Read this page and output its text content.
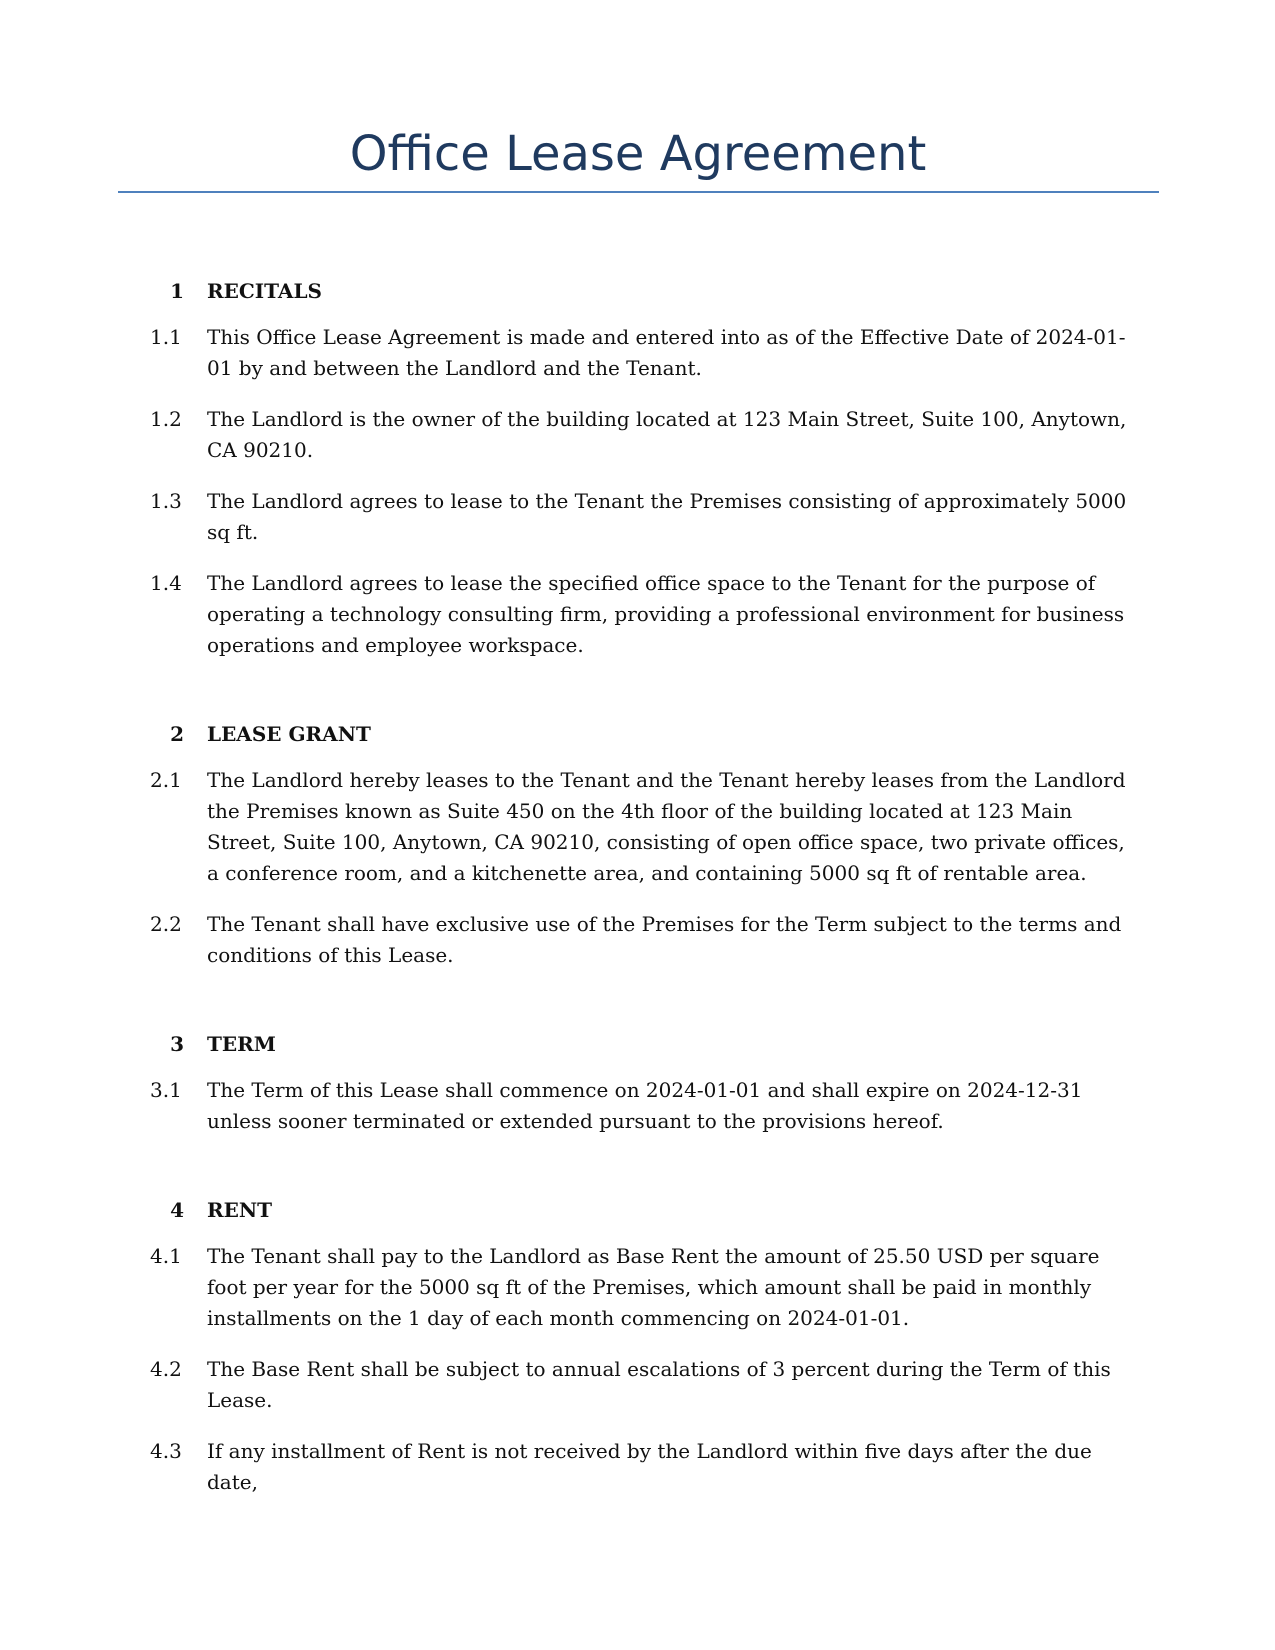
Office Lease Agreement
1 RECITALS
1.1 This Office Lease Agreement is made and entered into as of the Effective Date of 2024-01-01 by and between the Landlord and the Tenant.
1.2 The Landlord is the owner of the building located at 123 Main Street, Suite 100, Anytown, CA 90210.
1.3 The Landlord agrees to lease to the Tenant the Premises consisting of approximately 5000 sq ft.
1.4 The Landlord agrees to lease the specified office space to the Tenant for the purpose of operating a technology consulting firm, providing a professional environment for business operations and employee workspace.
2 LEASE GRANT
2.1 The Landlord hereby leases to the Tenant and the Tenant hereby leases from the Landlord the Premises known as Suite 450 on the 4th floor of the building located at 123 Main Street, Suite 100, Anytown, CA 90210, consisting of open office space, two private offices, a conference room, and a kitchenette area, and containing 5000 sq ft of rentable area.
2.2 The Tenant shall have exclusive use of the Premises for the Term subject to the terms and conditions of this Lease.
3 TERM
3.1 The Term of this Lease shall commence on 2024-01-01 and shall expire on 2024-12-31 unless sooner terminated or extended pursuant to the provisions hereof.
4 RENT
4.1 The Tenant shall pay to the Landlord as Base Rent the amount of 25.50 USD per square foot per year for the 5000 sq ft of the Premises, which amount shall be paid in monthly installments on the 1 day of each month commencing on 2024-01-01.
4.2 The Base Rent shall be subject to annual escalations of 3 percent during the Term of this Lease.
4.3 If any installment of Rent is not received by the Landlord within five days after the due date,
